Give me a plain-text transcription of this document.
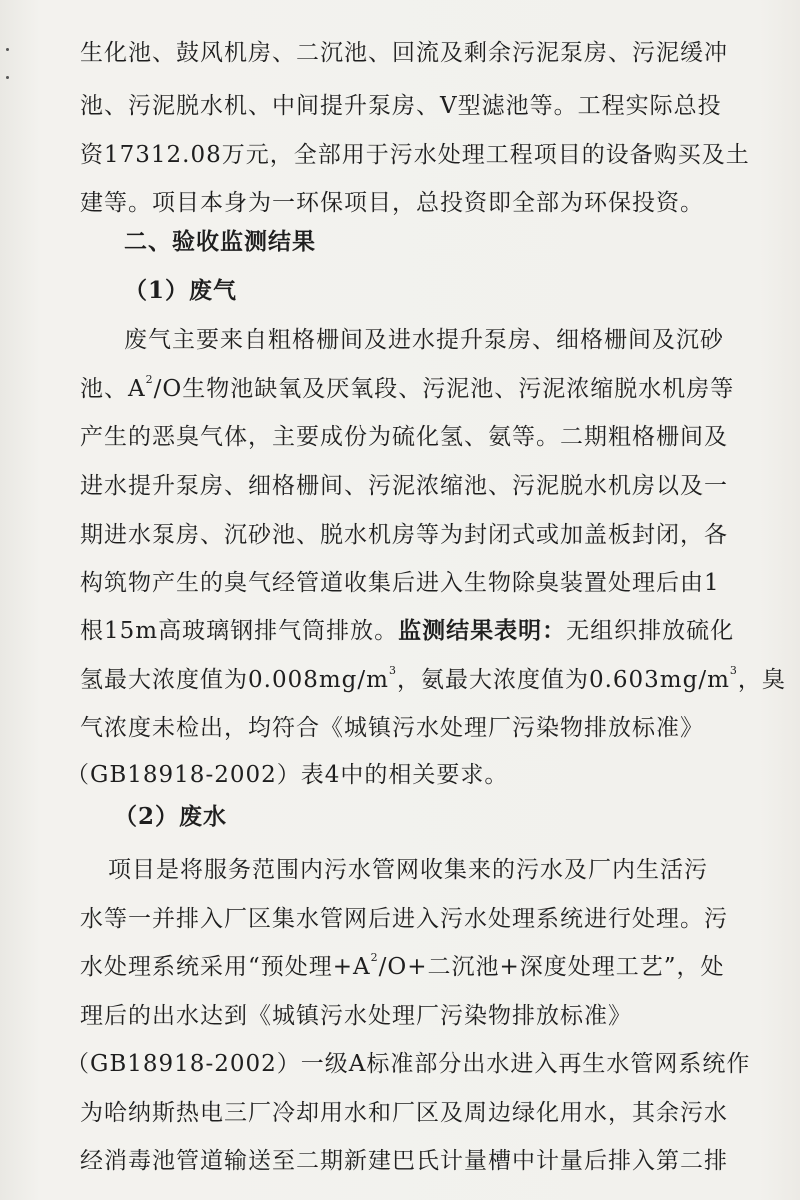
生化池、鼓风机房、二沉池、回流及剩余污泥泵房、污泥缓冲
池、污泥脱水机、中间提升泵房、V型滤池等。工程实际总投
资17312.08万元，全部用于污水处理工程项目的设备购买及土
建等。项目本身为一环保项目，总投资即全部为环保投资。
二、验收监测结果
（1）废气
废气主要来自粗格栅间及进水提升泵房、细格栅间及沉砂
池、$A^2/O$生物池缺氧及厌氧段、污泥池、污泥浓缩脱水机房等
产生的恶臭气体，主要成份为硫化氢、氨等。二期粗格栅间及
进水提升泵房、细格栅间、污泥浓缩池、污泥脱水机房以及一
期进水泵房、沉砂池、脱水机房等为封闭式或加盖板封闭，各
构筑物产生的臭气经管道收集后进入生物除臭装置处理后由1
根15m高玻璃钢排气筒排放。监测结果表明：无组织排放硫化
氢最大浓度值为$0.008mg/m^3$，氨最大浓度值为$0.603mg/m^3$，臭
气浓度未检出，均符合《城镇污水处理厂污染物排放标准》
（GB18918-2002）表4中的相关要求。
（2）废水
项目是将服务范围内污水管网收集来的污水及厂内生活污
水等一并排入厂区集水管网后进入污水处理系统进行处理。污
水处理系统采用“预处理$+A^2/O+$二沉池+深度处理工艺”，处
理后的出水达到《城镇污水处理厂污染物排放标准》
（GB18918-2002）一级A标准部分出水进入再生水管网系统作
为哈纳斯热电三厂冷却用水和厂区及周边绿化用水，其余污水
经消毒池管道输送至二期新建巴氏计量槽中计量后排入第二排
